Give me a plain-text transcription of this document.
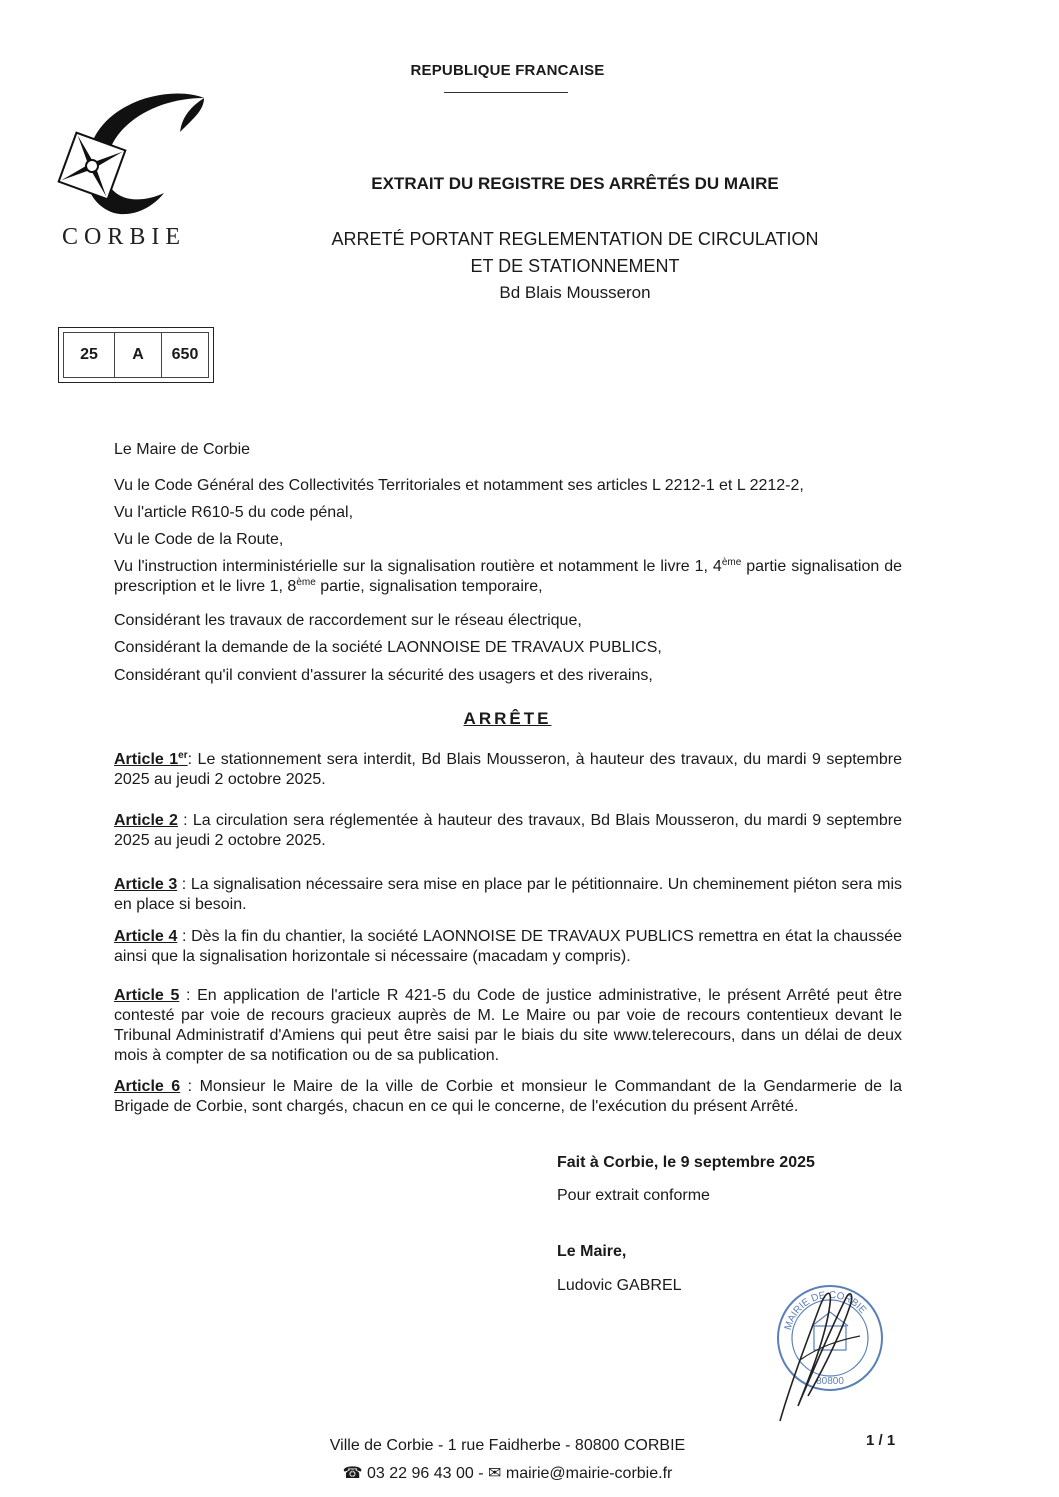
REPUBLIQUE FRANCAISE
CORBIE
EXTRAIT DU REGISTRE DES ARRÊTÉS DU MAIRE
ARRETÉ PORTANT REGLEMENTATION DE CIRCULATION
ET DE STATIONNEMENT
Bd Blais Mousseron
25	A	650
Le Maire de Corbie
Vu le Code Général des Collectivités Territoriales et notamment ses articles L 2212-1 et L 2212-2,
Vu l'article R610-5 du code pénal,
Vu le Code de la Route,
Vu l'instruction interministérielle sur la signalisation routière et notamment le livre 1, 4ème partie signalisation de prescription et le livre 1, 8ème partie, signalisation temporaire,
Considérant les travaux de raccordement sur le réseau électrique,
Considérant la demande de la société LAONNOISE DE TRAVAUX PUBLICS,
Considérant qu'il convient d'assurer la sécurité des usagers et des riverains,
ARRÊTE
Article 1er: Le stationnement sera interdit, Bd Blais Mousseron, à hauteur des travaux, du mardi 9 septembre 2025 au jeudi 2 octobre 2025.
Article 2 : La circulation sera réglementée à hauteur des travaux, Bd Blais Mousseron, du mardi 9 septembre 2025 au jeudi 2 octobre 2025.
Article 3 : La signalisation nécessaire sera mise en place par le pétitionnaire. Un cheminement piéton sera mis en place si besoin.
Article 4 : Dès la fin du chantier, la société LAONNOISE DE TRAVAUX PUBLICS remettra en état la chaussée ainsi que la signalisation horizontale si nécessaire (macadam y compris).
Article 5 : En application de l'article R 421-5 du Code de justice administrative, le présent Arrêté peut être contesté par voie de recours gracieux auprès de M. Le Maire ou par voie de recours contentieux devant le Tribunal Administratif d'Amiens qui peut être saisi par le biais du site www.telerecours, dans un délai de deux mois à compter de sa notification ou de sa publication.
Article 6 : Monsieur le Maire de la ville de Corbie et monsieur le Commandant de la Gendarmerie de la Brigade de Corbie, sont chargés, chacun en ce qui le concerne, de l'exécution du présent Arrêté.
Fait à Corbie, le 9 septembre 2025
Pour extrait conforme
Le Maire,
Ludovic GABREL
MAIRIE DE CORBIE
80800
1 / 1
Ville de Corbie - 1 rue Faidherbe - 80800 CORBIE
☎ 03 22 96 43 00 - ✉ mairie@mairie-corbie.fr
